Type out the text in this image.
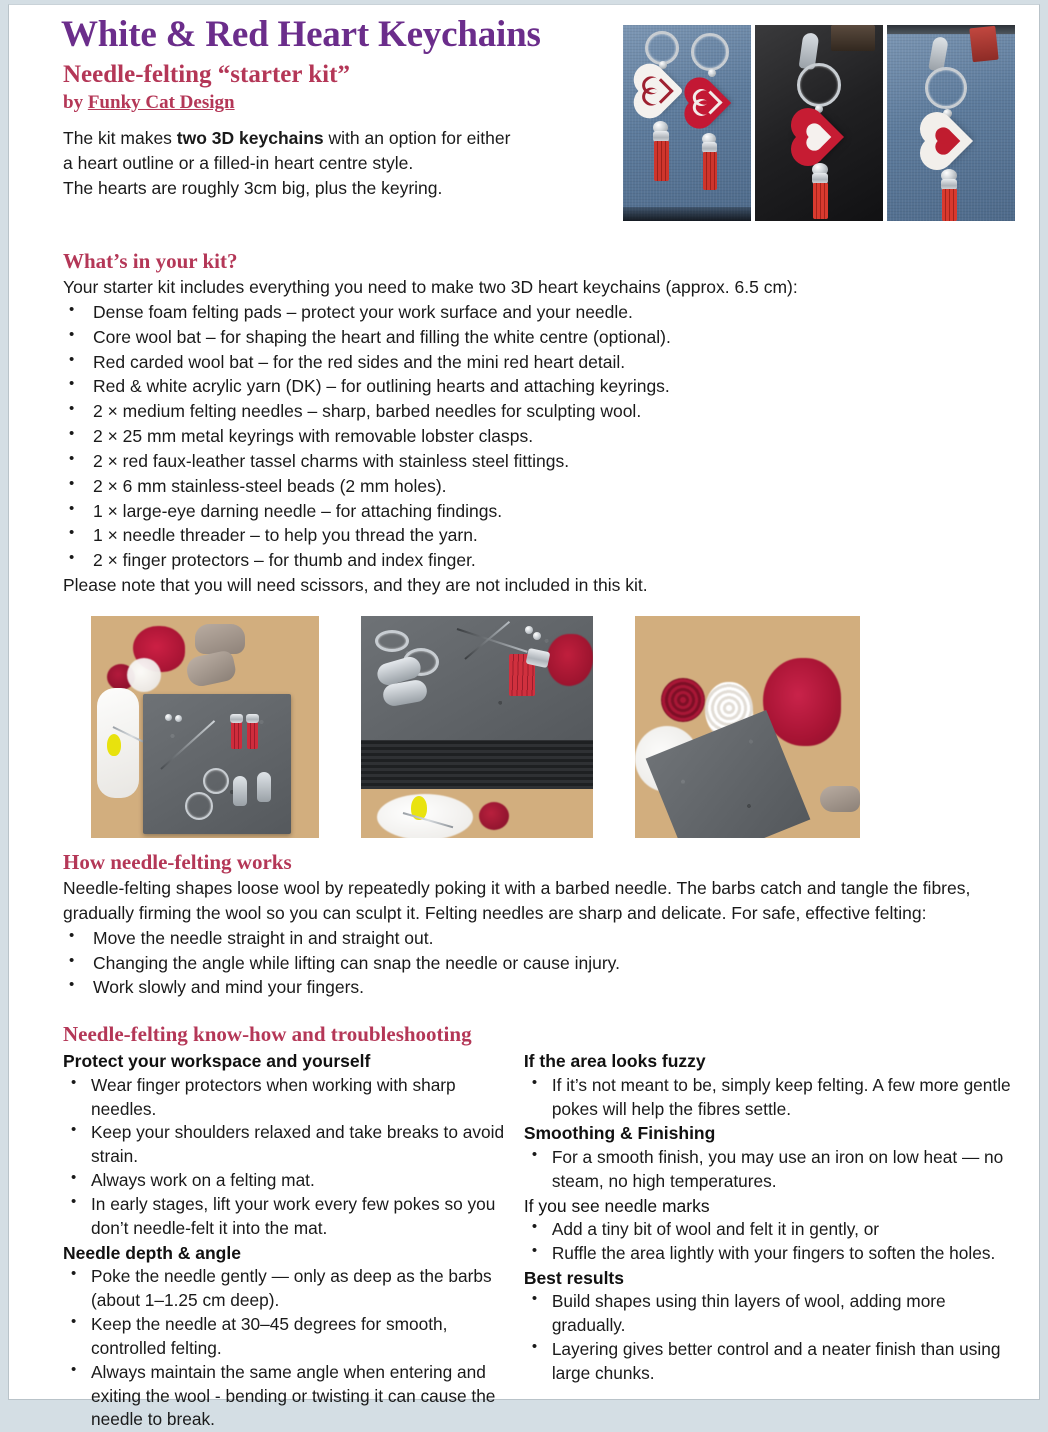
White & Red Heart Keychains
Needle-felting “starter kit”
by Funky Cat Design

The kit makes two 3D keychains with an option for either
a heart outline or a filled-in heart centre style.
The hearts are roughly 3cm big, plus the keyring.

What’s in your kit?
Your starter kit includes everything you need to make two 3D heart keychains (approx. 6.5 cm):
• Dense foam felting pads – protect your work surface and your needle.
• Core wool bat – for shaping the heart and filling the white centre (optional).
• Red carded wool bat – for the red sides and the mini red heart detail.
• Red & white acrylic yarn (DK) – for outlining hearts and attaching keyrings.
• 2 × medium felting needles – sharp, barbed needles for sculpting wool.
• 2 × 25 mm metal keyrings with removable lobster clasps.
• 2 × red faux-leather tassel charms with stainless steel fittings.
• 2 × 6 mm stainless-steel beads (2 mm holes).
• 1 × large-eye darning needle – for attaching findings.
• 1 × needle threader – to help you thread the yarn.
• 2 × finger protectors – for thumb and index finger.
Please note that you will need scissors, and they are not included in this kit.
How needle-felting works
Needle-felting shapes loose wool by repeatedly poking it with a barbed needle. The barbs catch and tangle the fibres, gradually firming the wool so you can sculpt it. Felting needles are sharp and delicate. For safe, effective felting:
• Move the needle straight in and straight out.
• Changing the angle while lifting can snap the needle or cause injury.
• Work slowly and mind your fingers.
Needle-felting know-how and troubleshooting
Protect your workspace and yourself
• Wear finger protectors when working with sharp needles.
• Keep your shoulders relaxed and take breaks to avoid strain.
• Always work on a felting mat.
• In early stages, lift your work every few pokes so you don’t needle-felt it into the mat.
Needle depth & angle
• Poke the needle gently — only as deep as the barbs (about 1–1.25 cm deep).
• Keep the needle at 30–45 degrees for smooth, controlled felting.
• Always maintain the same angle when entering and exiting the wool - bending or twisting it can cause the needle to break.
If the area looks fuzzy
• If it’s not meant to be, simply keep felting. A few more gentle pokes will help the fibres settle.
Smoothing & Finishing
• For a smooth finish, you may use an iron on low heat — no steam, no high temperatures.
If you see needle marks
• Add a tiny bit of wool and felt it in gently, or
• Ruffle the area lightly with your fingers to soften the holes.
Best results
• Build shapes using thin layers of wool, adding more gradually.
• Layering gives better control and a neater finish than using large chunks.
